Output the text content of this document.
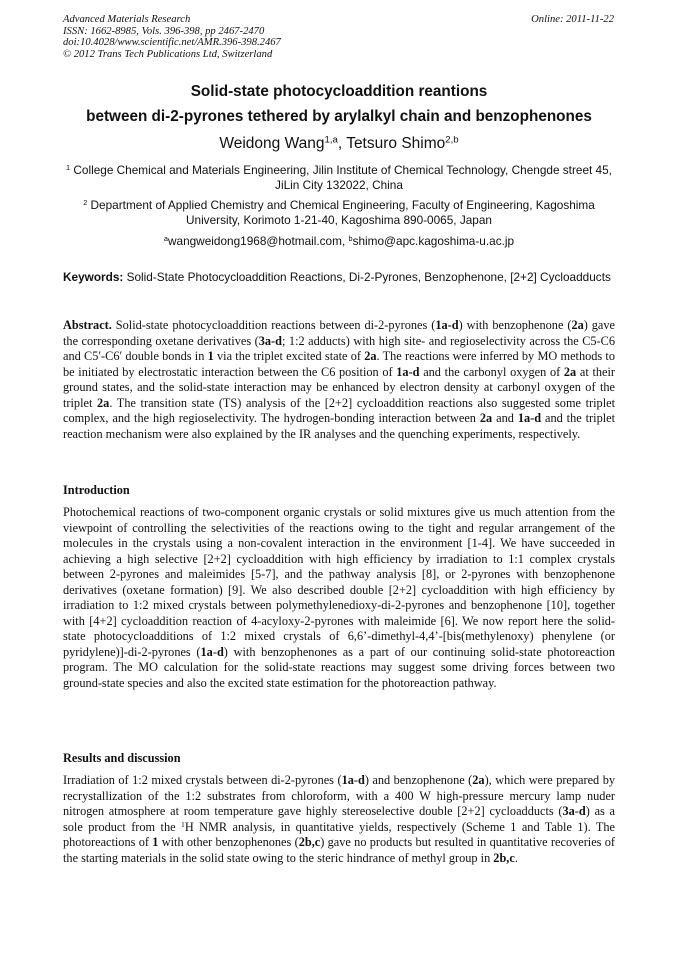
Advanced Materials Research
ISSN: 1662-8985, Vols. 396-398, pp 2467-2470
doi:10.4028/www.scientific.net/AMR.396-398.2467
© 2012 Trans Tech Publications Ltd, Switzerland
Online: 2011-11-22
Solid-state photocycloaddition reantions
between di-2-pyrones tethered by arylalkyl chain and benzophenones
Weidong Wang$^{1,a}$, Tetsuro Shimo$^{2,b}$
$^1$ College Chemical and Materials Engineering, Jilin Institute of Chemical Technology, Chengde street 45, JiLin City 132022, China
$^2$ Department of Applied Chemistry and Chemical Engineering, Faculty of Engineering, Kagoshima University, Korimoto 1-21-40, Kagoshima 890-0065, Japan
$^a$wangweidong1968@hotmail.com, $^b$shimo@apc.kagoshima-u.ac.jp
Keywords: Solid-State Photocycloaddition Reactions, Di-2-Pyrones, Benzophenone, [2+2] Cycloadducts
Abstract. Solid-state photocycloaddition reactions between di-2-pyrones (1a-d) with benzophenone (2a) gave the corresponding oxetane derivatives (3a-d; 1:2 adducts) with high site- and regioselectivity across the C5-C6 and C5′-C6′ double bonds in 1 via the triplet excited state of 2a. The reactions were inferred by MO methods to be initiated by electrostatic interaction between the C6 position of 1a-d and the carbonyl oxygen of 2a at their ground states, and the solid-state interaction may be enhanced by electron density at carbonyl oxygen of the triplet 2a. The transition state (TS) analysis of the [2+2] cycloaddition reactions also suggested some triplet complex, and the high regioselectivity. The hydrogen-bonding interaction between 2a and 1a-d and the triplet reaction mechanism were also explained by the IR analyses and the quenching experiments, respectively.
Introduction
Photochemical reactions of two-component organic crystals or solid mixtures give us much attention from the viewpoint of controlling the selectivities of the reactions owing to the tight and regular arrangement of the molecules in the crystals using a non-covalent interaction in the environment [1-4]. We have succeeded in achieving a high selective [2+2] cycloaddition with high efficiency by irradiation to 1:1 complex crystals between 2-pyrones and maleimides [5-7], and the pathway analysis [8], or 2-pyrones with benzophenone derivatives (oxetane formation) [9]. We also described double [2+2] cycloaddition with high efficiency by irradiation to 1:2 mixed crystals between polymethylenedioxy-di-2-pyrones and benzophenone [10], together with [4+2] cycloaddition reaction of 4-acyloxy-2-pyrones with maleimide [6]. We now report here the solid-state photocycloadditions of 1:2 mixed crystals of 6,6’-dimethyl-4,4’-[bis(methylenoxy) phenylene (or pyridylene)]-di-2-pyrones (1a-d) with benzophenones as a part of our continuing solid-state photoreaction program. The MO calculation for the solid-state reactions may suggest some driving forces between two ground-state species and also the excited state estimation for the photoreaction pathway.
Results and discussion
Irradiation of 1:2 mixed crystals between di-2-pyrones (1a-d) and benzophenone (2a), which were prepared by recrystallization of the 1:2 substrates from chloroform, with a 400 W high-pressure mercury lamp nuder nitrogen atmosphere at room temperature gave highly stereoselective double [2+2] cycloadducts (3a-d) as a sole product from the $^1$H NMR analysis, in quantitative yields, respectively (Scheme 1 and Table 1). The photoreactions of 1 with other benzophenones (2b,c) gave no products but resulted in quantitative recoveries of the starting materials in the solid state owing to the steric hindrance of methyl group in 2b,c.
